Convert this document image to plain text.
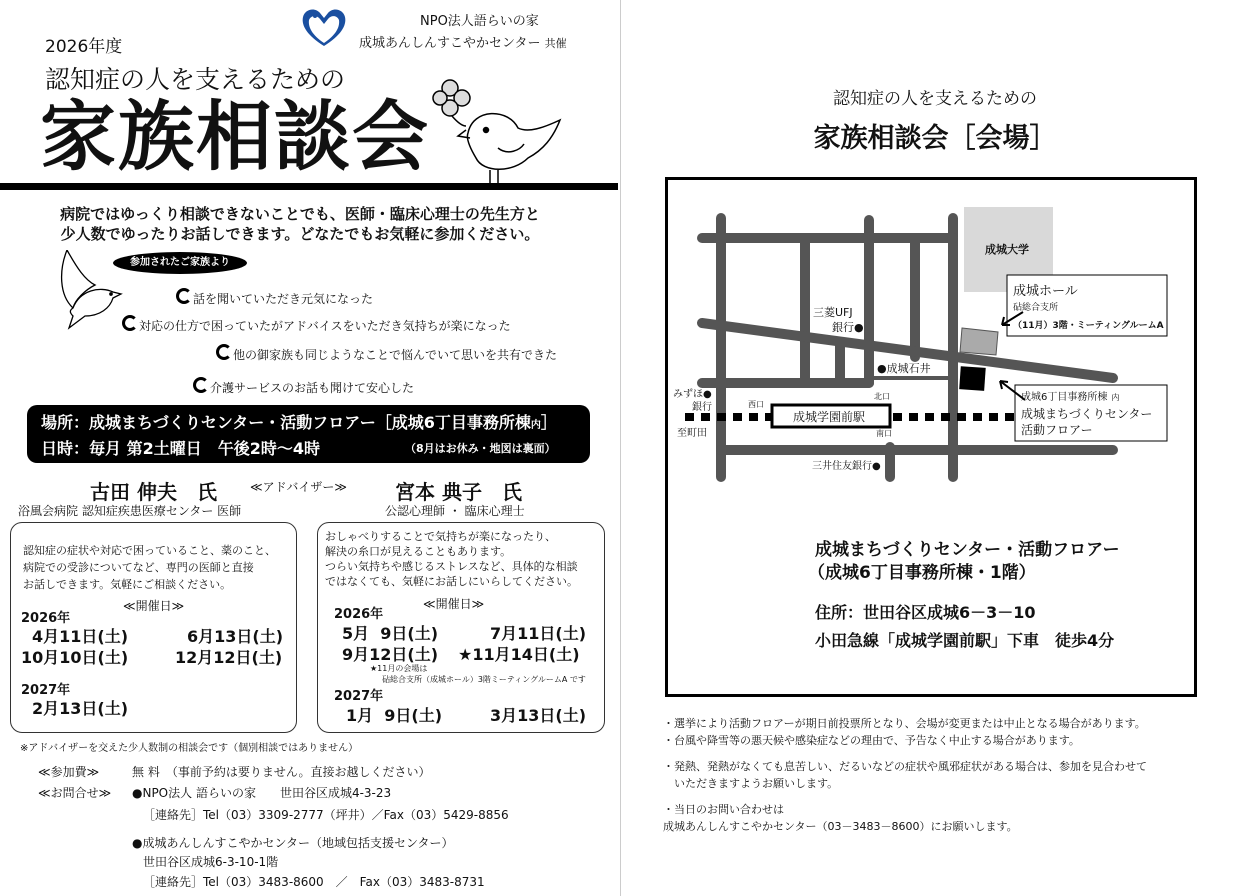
NPO法人語らいの家
成城あんしんすこやかセンター 共催
2026年度
認知症の人を支えるための
家族相談会
病院ではゆっくり相談できないことでも、医師・臨床心理士の先生方と
少人数でゆったりお話しできます。どなたでもお気軽に参加ください。
参加されたご家族より
話を聞いていただき元気になった
対応の仕方で困っていたがアドバイスをいただき気持ちが楽になった
他の御家族も同じようなことで悩んでいて思いを共有できた
介護サービスのお話も聞けて安心した
場所：成城まちづくりセンター・活動フロアー［成城6丁目事務所棟内］
日時：毎月 第2土曜日　午後2時～4時	（8月はお休み・地図は裏面）
古田 伸夫　氏	≪アドバイザー≫ 宮本 典子　氏
浴風会病院 認知症疾患医療センター 医師	公認心理師 ・ 臨床心理士
認知症の症状や対応で困っていること、薬のこと、
病院での受診についてなど、専門の医師と直接
お話しできます。気軽にご相談ください。
≪開催日≫
2026年
4月11日(土)	6月13日(土)
10月10日(土)	12月12日(土)
2027年
2月13日(土)
おしゃべりすることで気持ちが楽になったり、
解決の糸口が見えることもあります。
つらい気持ちや感じるストレスなど、具体的な相談
ではなくても、気軽にお話しにいらしてください。
≪開催日≫
2026年
5月  9日(土)	7月11日(土)
9月12日(土) ★11月14日(土)
★11月の会場は
砧総合支所（成城ホール）3階ミーティングルームA です
2027年
1月  9日(土)	3月13日(土)
※アドバイザーを交えた少人数制の相談会です（個別相談ではありません）
≪参加費≫	無 料　（事前予約は要りません。直接お越しください）
≪お問合せ≫ ●NPO法人 語らいの家　　世田谷区成城4-3-23
［連絡先］Tel（03）3309-2777（坪井）／Fax（03）5429-8856
●成城あんしんすこやかセンター（地域包括支援センター）
世田谷区成城6-3-10-1階
［連絡先］Tel（03）3483-8600　／　Fax（03）3483-8731
認知症の人を支えるための
家族相談会［会場］
成城大学
成城ホール
砧総合支所
（11月）3階・ミーティングルームA
三菱UFJ
銀行●
●成城石井
みずほ●
銀行	西口
北口
南口
成城学園前駅
至町田
三井住友銀行●
成城6丁目事務所棟 内
成城まちづくりセンター
活動フロアー
成城まちづくりセンター・活動フロアー
（成城6丁目事務所棟・1階）
住所：世田谷区成城6－3－10
小田急線「成城学園前駅」下車　徒歩4分
・選挙により活動フロアーが期日前投票所となり、会場が変更または中止となる場合があります。
・台風や降雪等の悪天候や感染症などの理由で、予告なく中止する場合があります。
・発熱、発熱がなくても息苦しい、だるいなどの症状や風邪症状がある場合は、参加を見合わせて
　いただきますようお願いします。
・当日のお問い合わせは
成城あんしんすこやかセンター（03－3483－8600）にお願いします。
